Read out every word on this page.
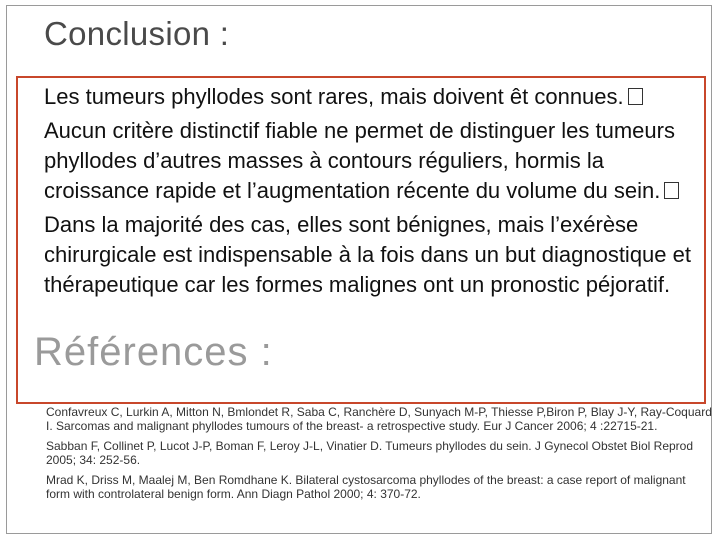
Conclusion :
Références :

Les tumeurs phyllodes sont rares, mais doivent êt connues.

Aucun critère distinctif fiable ne permet de distinguer les tumeurs phyllodes d’autres masses à contours réguliers, hormis la croissance rapide et l’augmentation récente du volume du sein.

Dans la majorité des cas, elles sont bénignes, mais l’exérèse chirurgicale est indispensable à la fois dans un but diagnostique et thérapeutique car les formes malignes ont un pronostic péjoratif.

Confavreux C, Lurkin A, Mitton N, Bmlondet R, Saba C, Ranchère D, Sunyach M-P, Thiesse P,Biron P, Blay J-Y, Ray-Coquard I. Sarcomas and malignant phyllodes tumours of the breast- a retrospective study. Eur J Cancer 2006; 4 :22715-21.

Sabban F, Collinet P, Lucot J-P, Boman F, Leroy J-L, Vinatier D. Tumeurs phyllodes du sein. J Gynecol Obstet Biol Reprod 2005; 34: 252-56.

Mrad K, Driss M, Maalej M, Ben Romdhane K. Bilateral cystosarcoma phyllodes of the breast: a case report of malignant form with controlateral benign form. Ann Diagn Pathol 2000; 4: 370-72.
